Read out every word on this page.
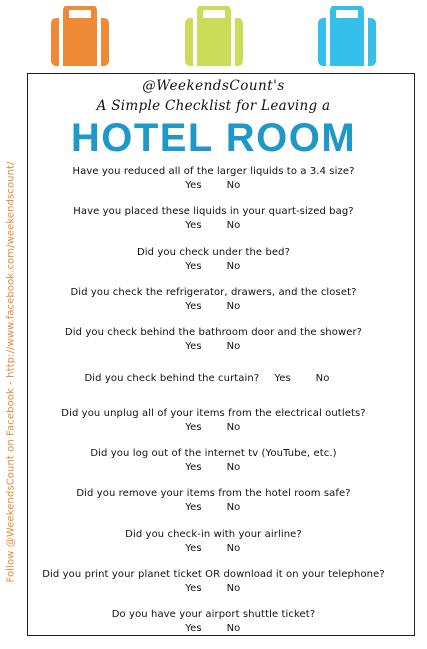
Follow @WeekendsCount on Facebook - http://www.facebook.com/weekendscount/
@WeekendsCount's
A Simple Checklist for Leaving a
HOTEL ROOM
Have you reduced all of the larger liquids to a 3.4 size?
Yes No
Have you placed these liquids in your quart-sized bag?
Yes No
Did you check under the bed?
Yes No
Did you check the refrigerator, drawers, and the closet?
Yes No
Did you check behind the bathroom door and the shower?
Yes No
Did you check behind the curtain? Yes No
Did you unplug all of your items from the electrical outlets?
Yes No
Did you log out of the internet tv (YouTube, etc.)
Yes No
Did you remove your items from the hotel room safe?
Yes No
Did you check-in with your airline?
Yes No
Did you print your planet ticket OR download it on your telephone?
Yes No
Do you have your airport shuttle ticket?
Yes No
